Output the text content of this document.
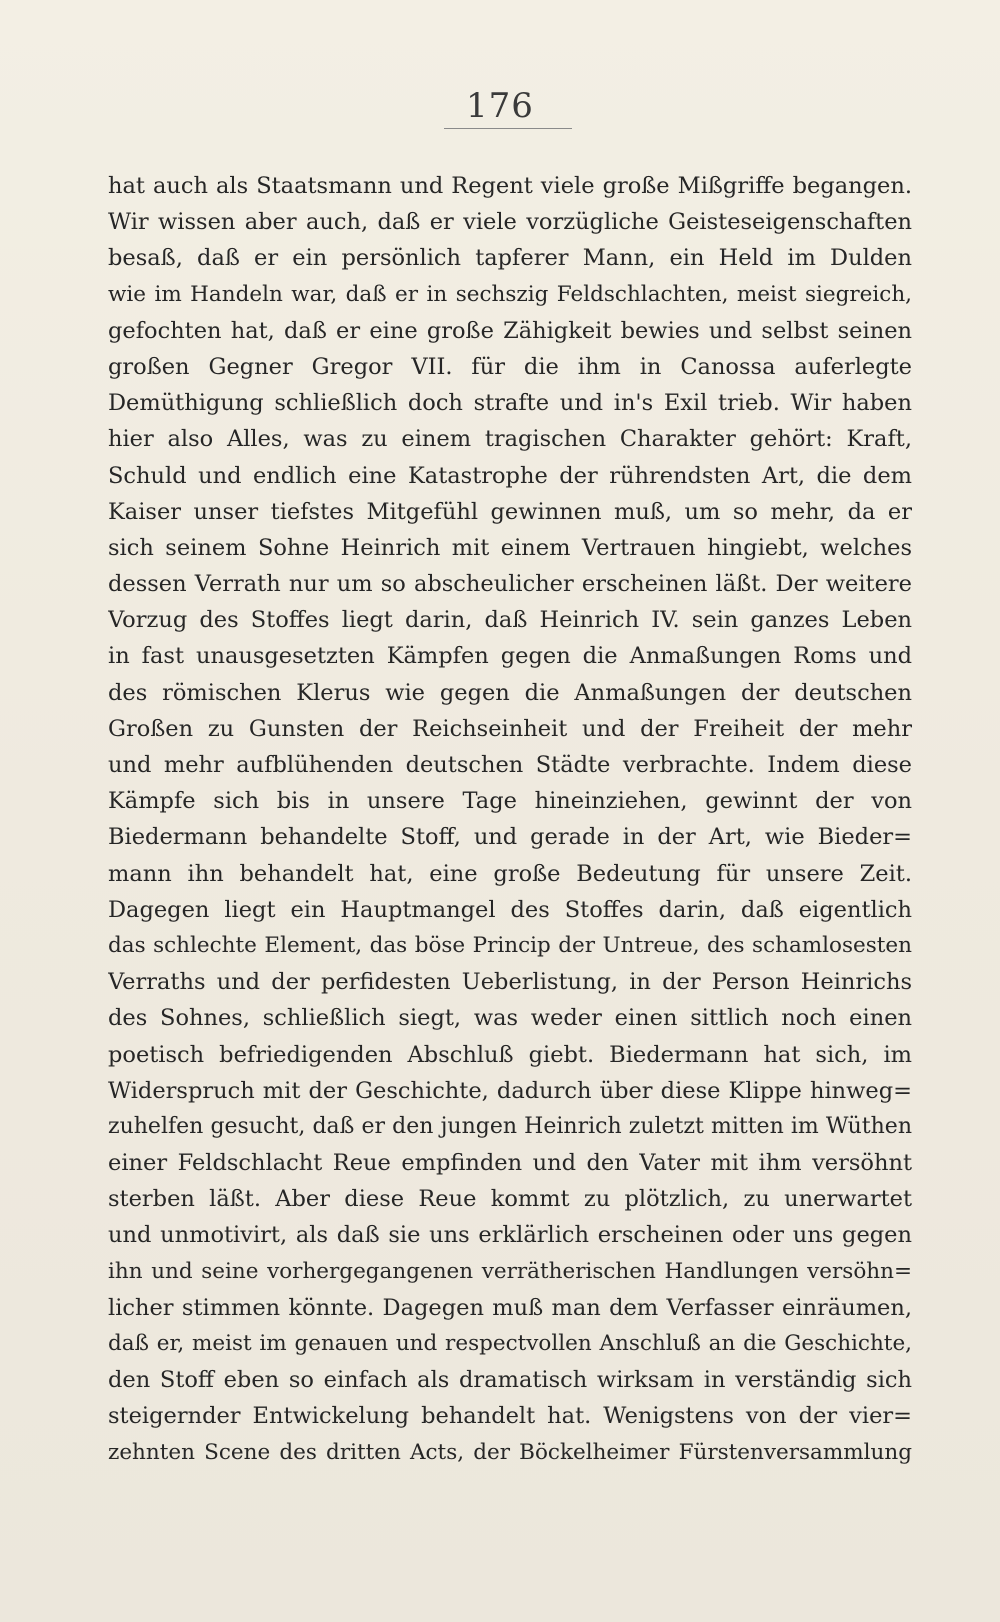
176
hat auch als Staatsmann und Regent viele große Mißgriffe begangen.
Wir wissen aber auch, daß er viele vorzügliche Geisteseigenschaften
besaß, daß er ein persönlich tapferer Mann, ein Held im Dulden
wie im Handeln war, daß er in sechszig Feldschlachten, meist siegreich,
gefochten hat, daß er eine große Zähigkeit bewies und selbst seinen
großen Gegner Gregor VII. für die ihm in Canossa auferlegte
Demüthigung schließlich doch strafte und in's Exil trieb. Wir haben
hier also Alles, was zu einem tragischen Charakter gehört: Kraft,
Schuld und endlich eine Katastrophe der rührendsten Art, die dem
Kaiser unser tiefstes Mitgefühl gewinnen muß, um so mehr, da er
sich seinem Sohne Heinrich mit einem Vertrauen hingiebt, welches
dessen Verrath nur um so abscheulicher erscheinen läßt. Der weitere
Vorzug des Stoffes liegt darin, daß Heinrich IV. sein ganzes Leben
in fast unausgesetzten Kämpfen gegen die Anmaßungen Roms und
des römischen Klerus wie gegen die Anmaßungen der deutschen
Großen zu Gunsten der Reichseinheit und der Freiheit der mehr
und mehr aufblühenden deutschen Städte verbrachte. Indem diese
Kämpfe sich bis in unsere Tage hineinziehen, gewinnt der von
Biedermann behandelte Stoff, und gerade in der Art, wie Bieder=
mann ihn behandelt hat, eine große Bedeutung für unsere Zeit.
Dagegen liegt ein Hauptmangel des Stoffes darin, daß eigentlich
das schlechte Element, das böse Princip der Untreue, des schamlosesten
Verraths und der perfidesten Ueberlistung, in der Person Heinrichs
des Sohnes, schließlich siegt, was weder einen sittlich noch einen
poetisch befriedigenden Abschluß giebt. Biedermann hat sich, im
Widerspruch mit der Geschichte, dadurch über diese Klippe hinweg=
zuhelfen gesucht, daß er den jungen Heinrich zuletzt mitten im Wüthen
einer Feldschlacht Reue empfinden und den Vater mit ihm versöhnt
sterben läßt. Aber diese Reue kommt zu plötzlich, zu unerwartet
und unmotivirt, als daß sie uns erklärlich erscheinen oder uns gegen
ihn und seine vorhergegangenen verrätherischen Handlungen versöhn=
licher stimmen könnte. Dagegen muß man dem Verfasser einräumen,
daß er, meist im genauen und respectvollen Anschluß an die Geschichte,
den Stoff eben so einfach als dramatisch wirksam in verständig sich
steigernder Entwickelung behandelt hat. Wenigstens von der vier=
zehnten Scene des dritten Acts, der Böckelheimer Fürstenversammlung
